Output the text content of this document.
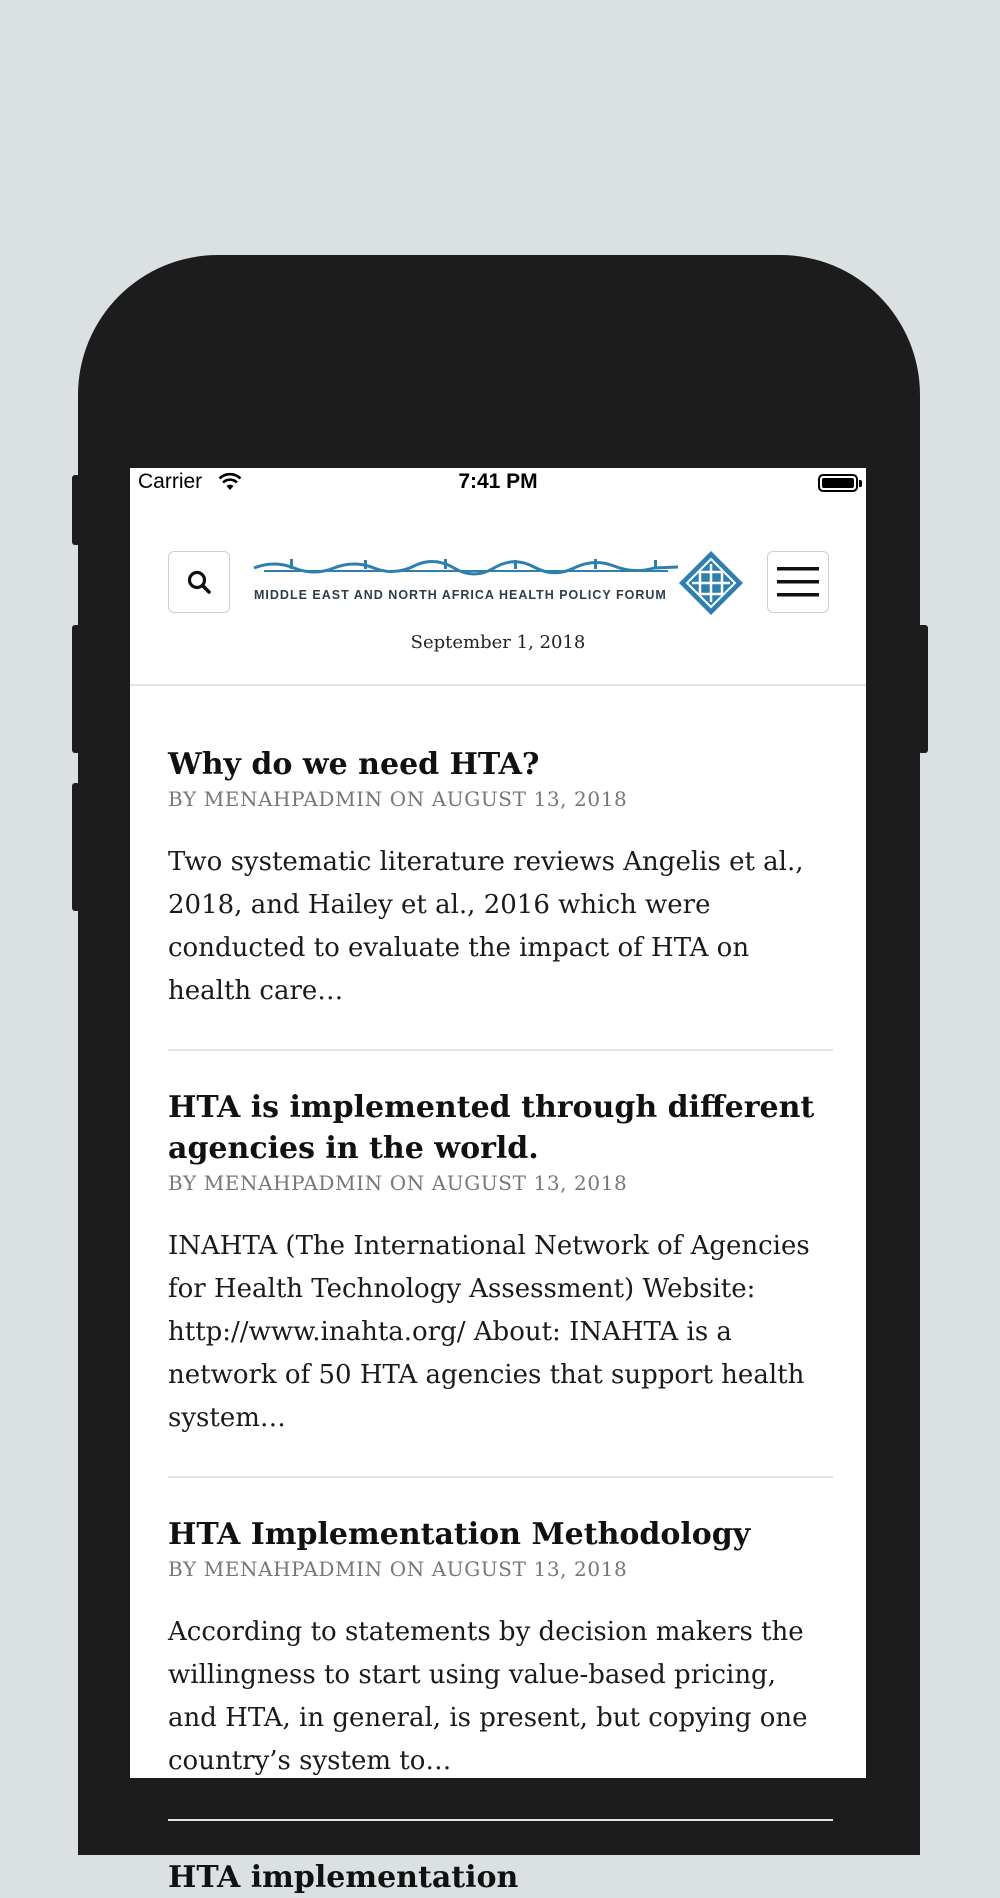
Carrier	7:41 PM
MIDDLE EAST AND NORTH AFRICA HEALTH POLICY FORUM
September 1, 2018
Why do we need HTA?
BY MENAHPADMIN ON AUGUST 13, 2018
Two systematic literature reviews Angelis et al., 2018, and Hailey et al., 2016 which were conducted to evaluate the impact of HTA on health care…
HTA is implemented through different agencies in the world.
BY MENAHPADMIN ON AUGUST 13, 2018
INAHTA (The International Network of Agencies for Health Technology Assessment) Website: http://www.inahta.org/ About: INAHTA is a network of 50 HTA agencies that support health system…
HTA Implementation Methodology
BY MENAHPADMIN ON AUGUST 13, 2018
According to statements by decision makers the willingness to start using value-based pricing, and HTA, in general, is present, but copying one country’s system to…
HTA implementation
